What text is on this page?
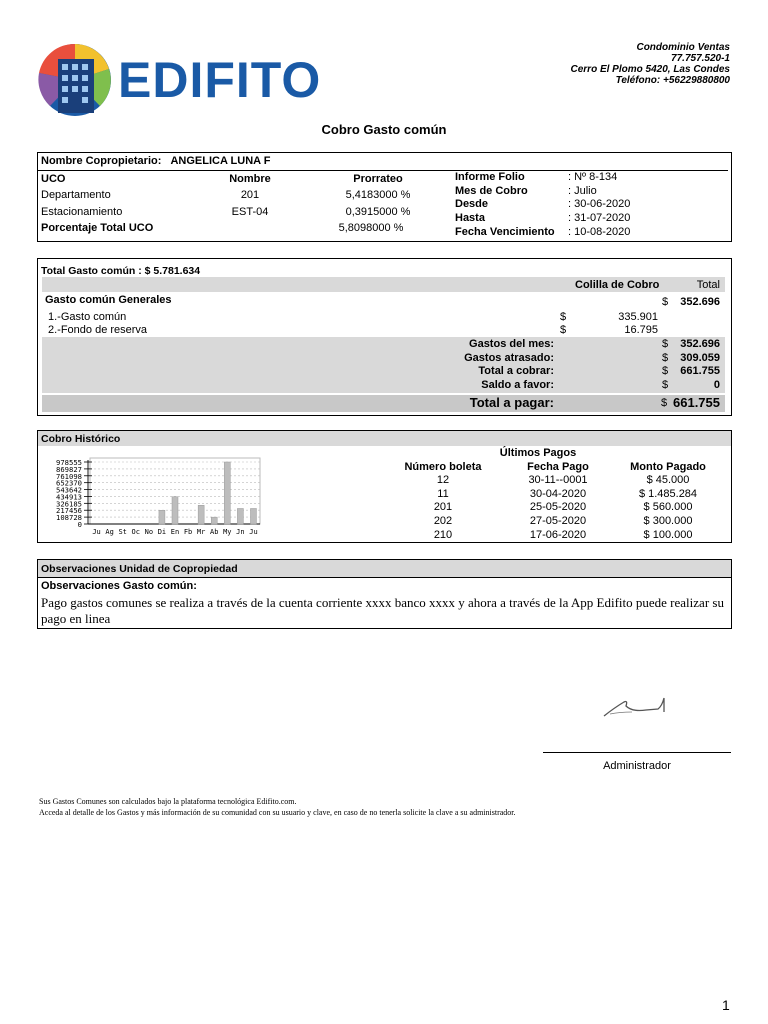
EDIFITO
Condominio Ventas
77.757.520-1
Cerro El Plomo 5420, Las Condes
Teléfono: +56229880800
Cobro Gasto común
Nombre Copropietario: ANGELICA LUNA F
UCO	Nombre	Prorrateo
Departamento	201	5,4183000 %
Estacionamiento	EST-04	0,3915000 %
Porcentaje Total UCO	5,8098000 %
Informe Folio	: Nº 8-134
Mes de Cobro	: Julio
Desde	: 30-06-2020
Hasta	: 31-07-2020
Fecha Vencimiento : 10-08-2020
Total Gasto común : $ 5.781.634
Colilla de Cobro	Total
Gasto común Generales	$	352.696
1.-Gasto común	$	335.901
2.-Fondo de reserva	$	16.795
Gastos del mes:	$	352.696
Gastos atrasado:	$	309.059
Total a cobrar:	$	661.755
Saldo a favor:	$	0
Total a pagar:	$ 661.755
Cobro Histórico
978555
869827
761098
652370
543642
434913
326185
217456
108728
0
Ju Ag St Oc No Di En Fb Mr Ab My Jn Ju
Últimos Pagos
Número boleta	Fecha Pago	Monto Pagado
12	30-11--0001	$ 45.000
11	30-04-2020	$ 1.485.284
201	25-05-2020	$ 560.000
202	27-05-2020	$ 300.000
210	17-06-2020	$ 100.000
Observaciones Unidad de Copropiedad
Observaciones Gasto común:
Pago gastos comunes se realiza a través de la cuenta corriente xxxx banco xxxx y ahora a través de la App Edifito puede realizar su pago en linea
Administrador
Sus Gastos Comunes son calculados bajo la plataforma tecnológica Edifito.com.
Acceda al detalle de los Gastos y más información de su comunidad con su usuario y clave, en caso de no tenerla solicite la clave a su administrador.
1
